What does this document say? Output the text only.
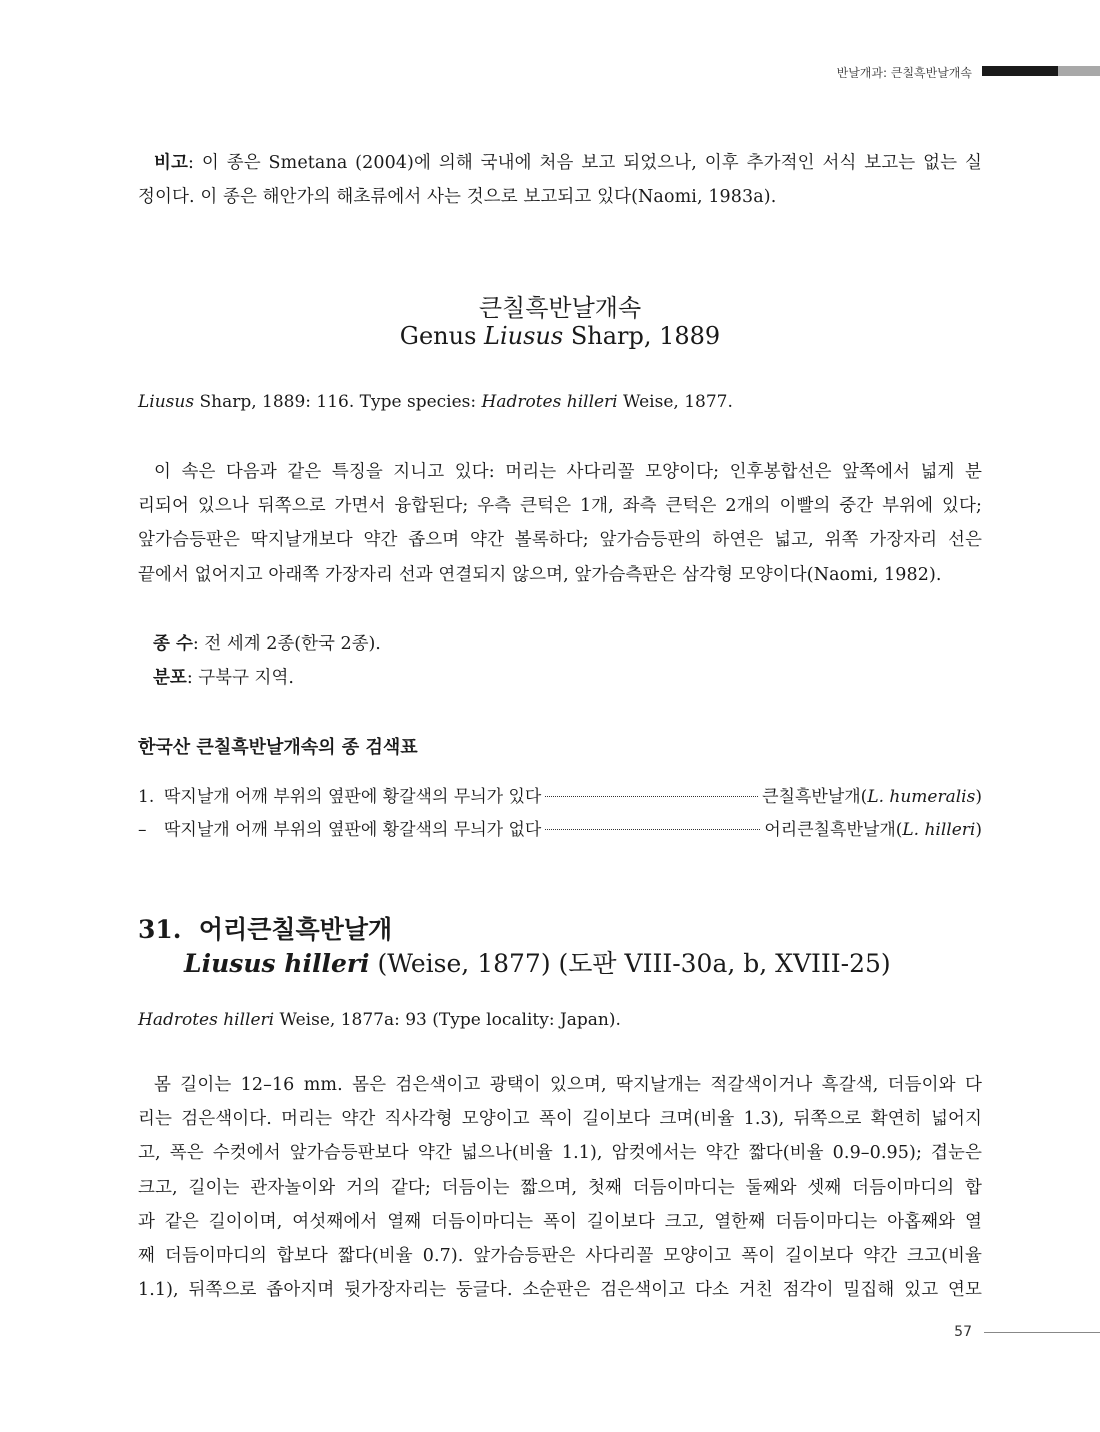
반날개과: 큰칠흑반날개속
비고: 이 종은 Smetana (2004)에 의해 국내에 처음 보고 되었으나, 이후 추가적인 서식 보고는 없는 실
정이다. 이 종은 해안가의 해초류에서 사는 것으로 보고되고 있다(Naomi, 1983a).
큰칠흑반날개속
Genus Liusus Sharp, 1889
Liusus Sharp, 1889: 116. Type species: Hadrotes hilleri Weise, 1877.
이 속은 다음과 같은 특징을 지니고 있다: 머리는 사다리꼴 모양이다; 인후봉합선은 앞쪽에서 넓게 분
리되어 있으나 뒤쪽으로 가면서 융합된다; 우측 큰턱은 1개, 좌측 큰턱은 2개의 이빨의 중간 부위에 있다;
앞가슴등판은 딱지날개보다 약간 좁으며 약간 볼록하다; 앞가슴등판의 하연은 넓고, 위쪽 가장자리 선은
끝에서 없어지고 아래쪽 가장자리 선과 연결되지 않으며, 앞가슴측판은 삼각형 모양이다(Naomi, 1982).
종 수: 전 세계 2종(한국 2종).
분포: 구북구 지역.
한국산 큰칠흑반날개속의 종 검색표
1. 딱지날개 어깨 부위의 옆판에 황갈색의 무늬가 있다	큰칠흑반날개(L. humeralis)
–	딱지날개 어깨 부위의 옆판에 황갈색의 무늬가 없다	어리큰칠흑반날개(L. hilleri)
31. 어리큰칠흑반날개
Liusus hilleri (Weise, 1877) (도판 VIII-30a, b, XVIII-25)
Hadrotes hilleri Weise, 1877a: 93 (Type locality: Japan).
몸 길이는 12–16 mm. 몸은 검은색이고 광택이 있으며, 딱지날개는 적갈색이거나 흑갈색, 더듬이와 다
리는 검은색이다. 머리는 약간 직사각형 모양이고 폭이 길이보다 크며(비율 1.3), 뒤쪽으로 확연히 넓어지
고, 폭은 수컷에서 앞가슴등판보다 약간 넓으나(비율 1.1), 암컷에서는 약간 짧다(비율 0.9–0.95); 겹눈은
크고, 길이는 관자놀이와 거의 같다; 더듬이는 짧으며, 첫째 더듬이마디는 둘째와 셋째 더듬이마디의 합
과 같은 길이이며, 여섯째에서 열째 더듬이마디는 폭이 길이보다 크고, 열한째 더듬이마디는 아홉째와 열
째 더듬이마디의 합보다 짧다(비율 0.7). 앞가슴등판은 사다리꼴 모양이고 폭이 길이보다 약간 크고(비율
1.1), 뒤쪽으로 좁아지며 뒷가장자리는 둥글다. 소순판은 검은색이고 다소 거친 점각이 밀집해 있고 연모
57
